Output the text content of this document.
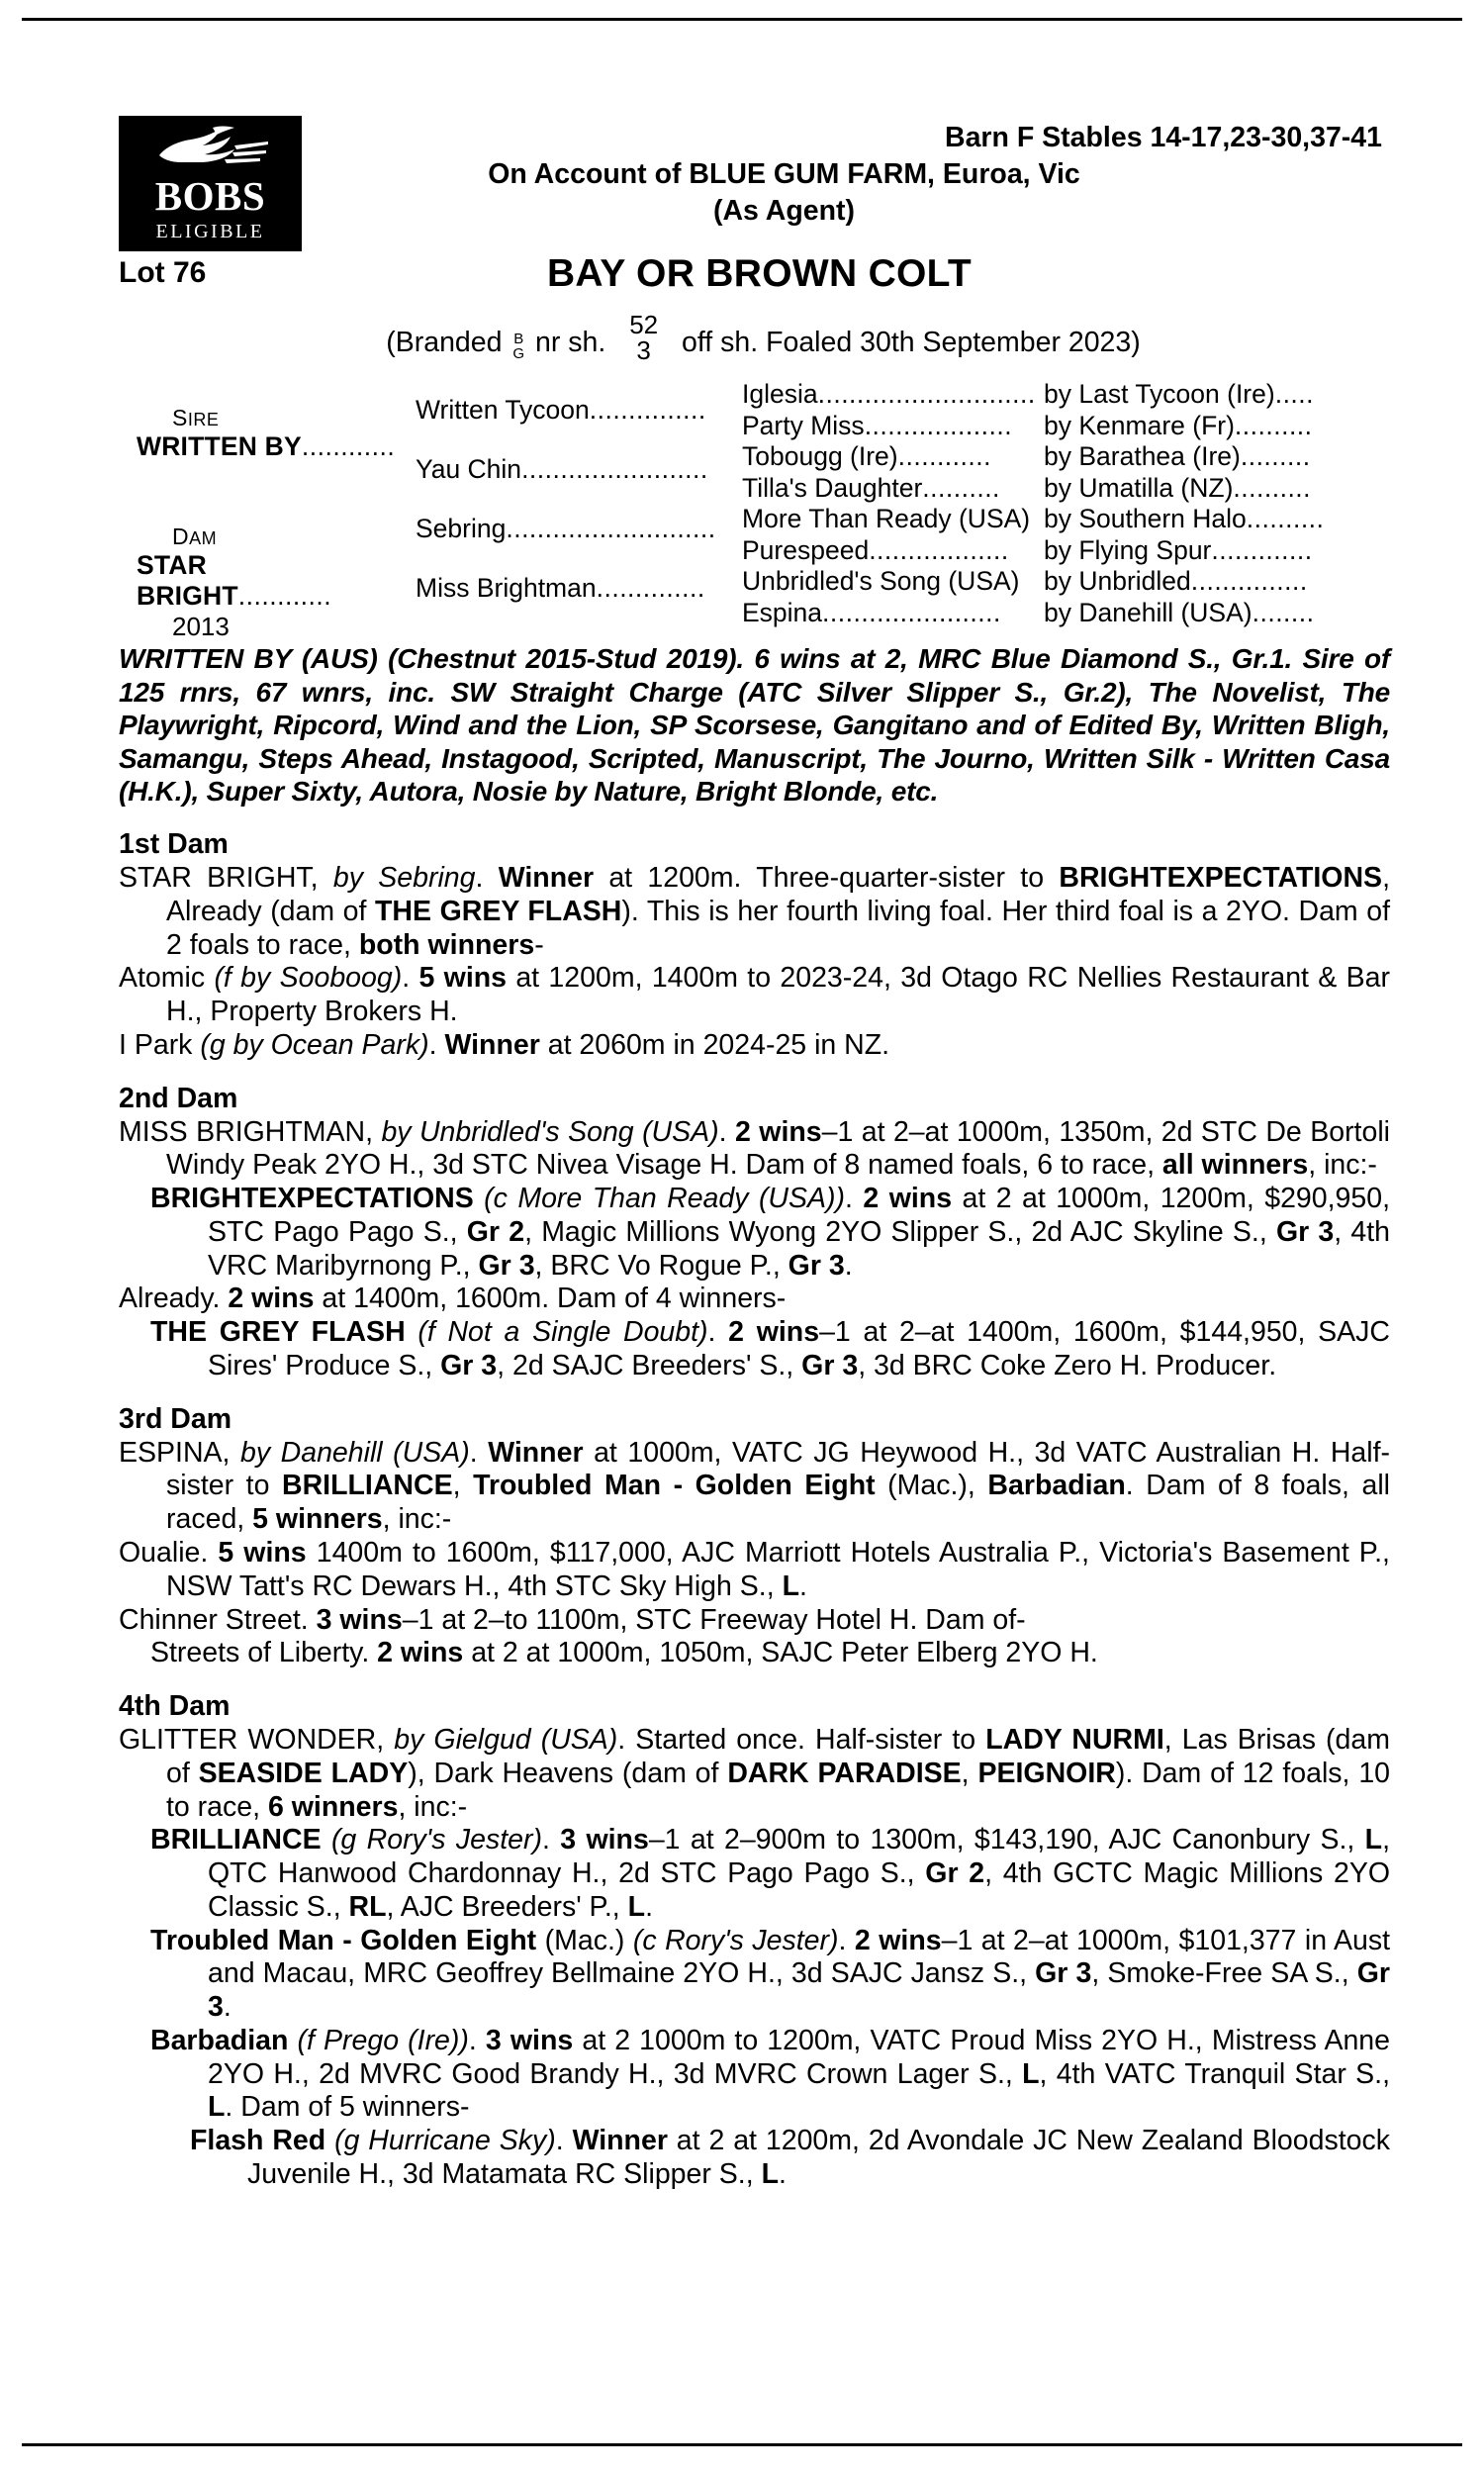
BOBS
ELIGIBLE
Barn F Stables 14-17,23-30,37-41
On Account of BLUE GUM FARM, Euroa, Vic
(As Agent)
Lot 76	BAY OR BROWN COLT
(Branded B
G nr sh.
52
3 off sh. Foaled 30th September 2023)
SIRE
WRITTEN BY............
DAM
STAR BRIGHT............
2013
Written Tycoon...............
Yau Chin........................
Sebring...........................
Miss Brightman..............
Iglesia............................
Party Miss...................
Tobougg (Ire)............
Tilla's Daughter..........
More Than Ready (USA)
Purespeed..................
Unbridled's Song (USA)
Espina.......................
by Last Tycoon (Ire).....
by Kenmare (Fr)..........
by Barathea (Ire).........
by Umatilla (NZ)..........
by Southern Halo..........
by Flying Spur.............
by Unbridled...............
by Danehill (USA)........
WRITTEN BY (AUS) (Chestnut 2015-Stud 2019). 6 wins at 2, MRC Blue Diamond S., Gr.1. Sire of 125 rnrs, 67 wnrs, inc. SW Straight Charge (ATC Silver Slipper S., Gr.2), The Novelist, The Playwright, Ripcord, Wind and the Lion, SP Scorsese, Gangitano and of Edited By, Written Bligh, Samangu, Steps Ahead, Instagood, Scripted, Manuscript, The Journo, Written Silk - Written Casa (H.K.), Super Sixty, Autora, Nosie by Nature, Bright Blonde, etc.
1st Dam
STAR BRIGHT, by Sebring. Winner at 1200m. Three-quarter-sister to BRIGHTEXPECTATIONS, Already (dam of THE GREY FLASH). This is her fourth living foal. Her third foal is a 2YO. Dam of 2 foals to race, both winners-
Atomic (f by Sooboog). 5 wins at 1200m, 1400m to 2023-24, 3d Otago RC Nellies Restaurant & Bar H., Property Brokers H.
I Park (g by Ocean Park). Winner at 2060m in 2024-25 in NZ.
2nd Dam
MISS BRIGHTMAN, by Unbridled's Song (USA). 2 wins–1 at 2–at 1000m, 1350m, 2d STC De Bortoli Windy Peak 2YO H., 3d STC Nivea Visage H. Dam of 8 named foals, 6 to race, all winners, inc:-
BRIGHTEXPECTATIONS (c More Than Ready (USA)). 2 wins at 2 at 1000m, 1200m, $290,950, STC Pago Pago S., Gr 2, Magic Millions Wyong 2YO Slipper S., 2d AJC Skyline S., Gr 3, 4th VRC Maribyrnong P., Gr 3, BRC Vo Rogue P., Gr 3.
Already. 2 wins at 1400m, 1600m. Dam of 4 winners-
THE GREY FLASH (f Not a Single Doubt). 2 wins–1 at 2–at 1400m, 1600m, $144,950, SAJC Sires' Produce S., Gr 3, 2d SAJC Breeders' S., Gr 3, 3d BRC Coke Zero H. Producer.
3rd Dam
ESPINA, by Danehill (USA). Winner at 1000m, VATC JG Heywood H., 3d VATC Australian H. Half-sister to BRILLIANCE, Troubled Man - Golden Eight (Mac.), Barbadian. Dam of 8 foals, all raced, 5 winners, inc:-
Oualie. 5 wins 1400m to 1600m, $117,000, AJC Marriott Hotels Australia P., Victoria's Basement P., NSW Tatt's RC Dewars H., 4th STC Sky High S., L.
Chinner Street. 3 wins–1 at 2–to 1100m, STC Freeway Hotel H. Dam of-
Streets of Liberty. 2 wins at 2 at 1000m, 1050m, SAJC Peter Elberg 2YO H.
4th Dam
GLITTER WONDER, by Gielgud (USA). Started once. Half-sister to LADY NURMI, Las Brisas (dam of SEASIDE LADY), Dark Heavens (dam of DARK PARADISE, PEIGNOIR). Dam of 12 foals, 10 to race, 6 winners, inc:-
BRILLIANCE (g Rory's Jester). 3 wins–1 at 2–900m to 1300m, $143,190, AJC Canonbury S., L, QTC Hanwood Chardonnay H., 2d STC Pago Pago S., Gr 2, 4th GCTC Magic Millions 2YO Classic S., RL, AJC Breeders' P., L.
Troubled Man - Golden Eight (Mac.) (c Rory's Jester). 2 wins–1 at 2–at 1000m, $101,377 in Aust and Macau, MRC Geoffrey Bellmaine 2YO H., 3d SAJC Jansz S., Gr 3, Smoke-Free SA S., Gr 3.
Barbadian (f Prego (Ire)). 3 wins at 2 1000m to 1200m, VATC Proud Miss 2YO H., Mistress Anne 2YO H., 2d MVRC Good Brandy H., 3d MVRC Crown Lager S., L, 4th VATC Tranquil Star S., L. Dam of 5 winners-
Flash Red (g Hurricane Sky). Winner at 2 at 1200m, 2d Avondale JC New Zealand Bloodstock Juvenile H., 3d Matamata RC Slipper S., L.
